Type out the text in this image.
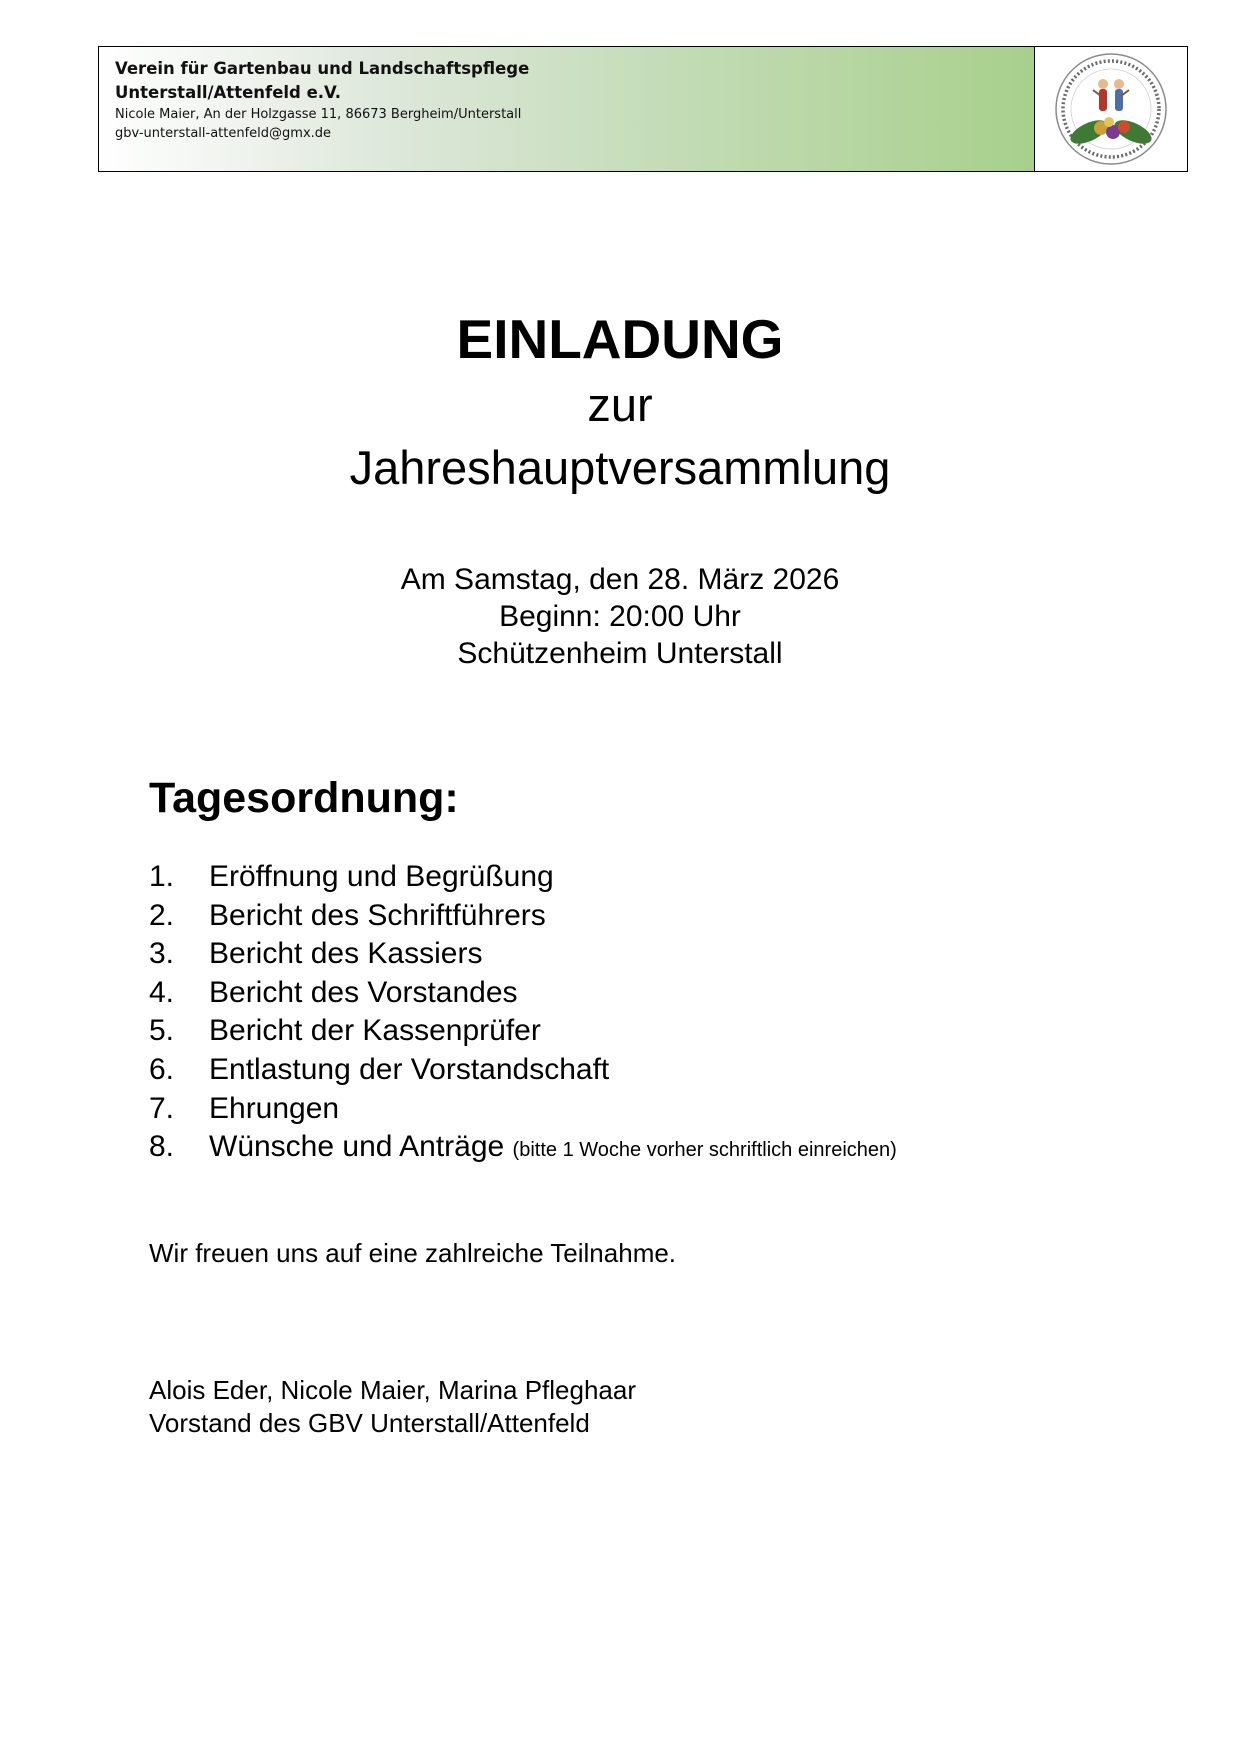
Verein für Gartenbau und Landschaftspflege
Unterstall/Attenfeld e.V.
Nicole Maier, An der Holzgasse 11, 86673 Bergheim/Unterstall
gbv-unterstall-attenfeld@gmx.de
EINLADUNG
zur
Jahreshauptversammlung
Am Samstag, den 28. März 2026
Beginn: 20:00 Uhr
Schützenheim Unterstall
Tagesordnung:
1. Eröffnung und Begrüßung
2. Bericht des Schriftführers
3. Bericht des Kassiers
4. Bericht des Vorstandes
5. Bericht der Kassenprüfer
6. Entlastung der Vorstandschaft
7. Ehrungen
8. Wünsche und Anträge (bitte 1 Woche vorher schriftlich einreichen)
Wir freuen uns auf eine zahlreiche Teilnahme.
Alois Eder, Nicole Maier, Marina Pfleghaar
Vorstand des GBV Unterstall/Attenfeld
